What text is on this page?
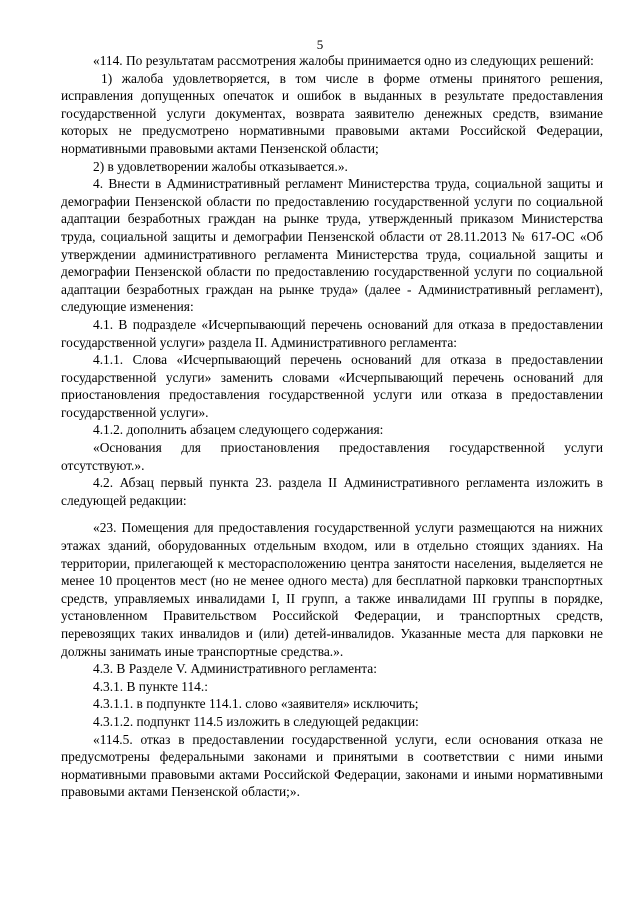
5

«114. По результатам рассмотрения жалобы принимается одно из следующих решений:

1) жалоба удовлетворяется, в том числе в форме отмены принятого решения, исправления допущенных опечаток и ошибок в выданных в результате предоставления государственной услуги документах, возврата заявителю денежных средств, взимание которых не предусмотрено нормативными правовыми актами Российской Федерации, нормативными правовыми актами Пензенской области;

2) в удовлетворении жалобы отказывается.».

4. Внести в Административный регламент Министерства труда, социальной защиты и демографии Пензенской области по предоставлению государственной услуги по социальной адаптации безработных граждан на рынке труда, утвержденный приказом Министерства труда, социальной защиты и демографии Пензенской области от 28.11.2013 № 617-ОС «Об утверждении административного регламента Министерства труда, социальной защиты и демографии Пензенской области по предоставлению государственной услуги по социальной адаптации безработных граждан на рынке труда» (далее - Административный регламент), следующие изменения:

4.1. В подразделе «Исчерпывающий перечень оснований для отказа в предоставлении государственной услуги» раздела II. Административного регламента:

4.1.1. Слова «Исчерпывающий перечень оснований для отказа в предоставлении государственной услуги» заменить словами «Исчерпывающий перечень оснований для приостановления предоставления государственной услуги или отказа в предоставлении государственной услуги».

4.1.2. дополнить абзацем следующего содержания:

«Основания для приостановления предоставления государственной услуги отсутствуют.».

4.2. Абзац первый пункта 23. раздела II Административного регламента изложить в следующей редакции:

«23. Помещения для предоставления государственной услуги размещаются на нижних этажах зданий, оборудованных отдельным входом, или в отдельно стоящих зданиях. На территории, прилегающей к месторасположению центра занятости населения, выделяется не менее 10 процентов мест (но не менее одного места) для бесплатной парковки транспортных средств, управляемых инвалидами I, II групп, а также инвалидами III группы в порядке, установленном Правительством Российской Федерации, и транспортных средств, перевозящих таких инвалидов и (или) детей-инвалидов. Указанные места для парковки не должны занимать иные транспортные средства.».

4.3. В Разделе V. Административного регламента:

4.3.1. В пункте 114.:

4.3.1.1. в подпункте 114.1. слово «заявителя» исключить;

4.3.1.2. подпункт 114.5 изложить в следующей редакции:

«114.5. отказ в предоставлении государственной услуги, если основания отказа не предусмотрены федеральными законами и принятыми в соответствии с ними иными нормативными правовыми актами Российской Федерации, законами и иными нормативными правовыми актами Пензенской области;».
